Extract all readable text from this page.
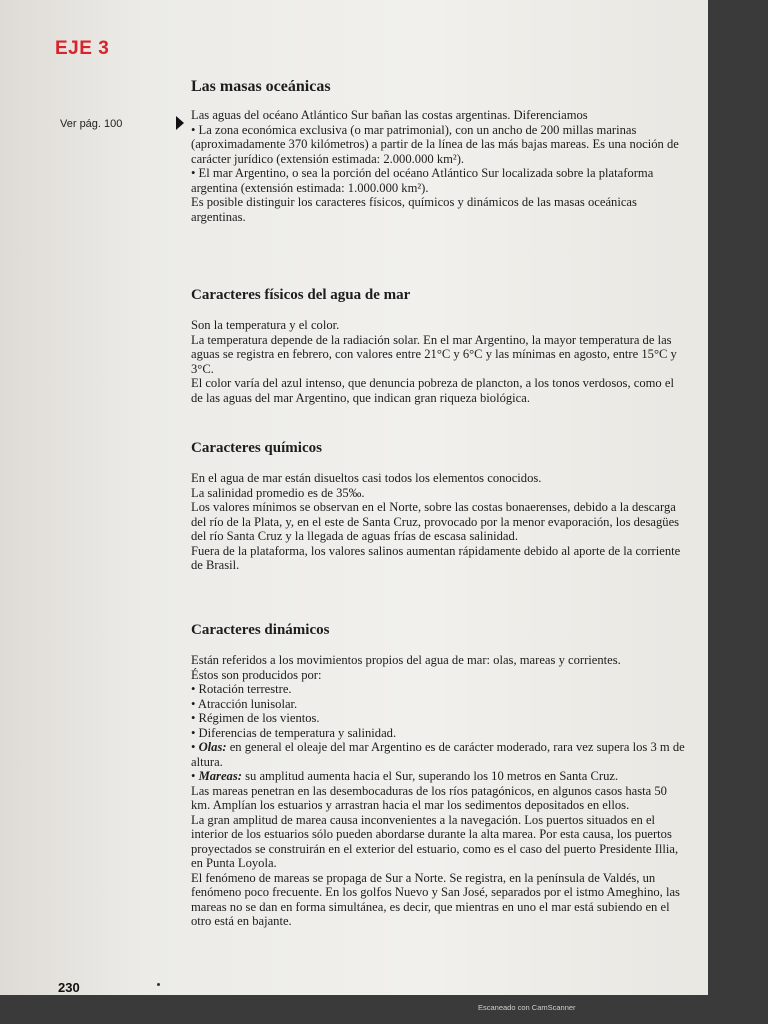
EJE 3
Ver pág. 100
Las masas oceánicas

Las aguas del océano Atlántico Sur bañan las costas argentinas. Diferenciamos

• La zona económica exclusiva (o mar patrimonial), con un ancho de 200 millas marinas (aproximadamente 370 kilómetros) a partir de la línea de las más bajas mareas. Es una noción de carácter jurídico (extensión estimada: 2.000.000 km²).

• El mar Argentino, o sea la porción del océano Atlántico Sur localizada sobre la plataforma argentina (extensión estimada: 1.000.000 km²).

Es posible distinguir los caracteres físicos, químicos y dinámicos de las masas oceánicas argentinas.

Caracteres físicos del agua de mar

Son la temperatura y el color.

La temperatura depende de la radiación solar. En el mar Argentino, la mayor temperatura de las aguas se registra en febrero, con valores entre 21°C y 6°C y las mínimas en agosto, entre 15°C y 3°C.

El color varía del azul intenso, que denuncia pobreza de plancton, a los tonos verdosos, como el de las aguas del mar Argentino, que indican gran riqueza biológica.

Caracteres químicos

En el agua de mar están disueltos casi todos los elementos conocidos.

La salinidad promedio es de 35‰.

Los valores mínimos se observan en el Norte, sobre las costas bonaerenses, debido a la descarga del río de la Plata, y, en el este de Santa Cruz, provocado por la menor evaporación, los desagües del río Santa Cruz y la llegada de aguas frías de escasa salinidad.

Fuera de la plataforma, los valores salinos aumentan rápidamente debido al aporte de la corriente de Brasil.

Caracteres dinámicos

Están referidos a los movimientos propios del agua de mar: olas, mareas y corrientes.

Éstos son producidos por:

• Rotación terrestre.

• Atracción lunisolar.

• Régimen de los vientos.

• Diferencias de temperatura y salinidad.

• Olas: en general el oleaje del mar Argentino es de carácter moderado, rara vez supera los 3 m de altura.

• Mareas: su amplitud aumenta hacia el Sur, superando los 10 metros en Santa Cruz.

Las mareas penetran en las desembocaduras de los ríos patagónicos, en algunos casos hasta 50 km. Amplían los estuarios y arrastran hacia el mar los sedimentos depositados en ellos.

La gran amplitud de marea causa inconvenientes a la navegación. Los puertos situados en el interior de los estuarios sólo pueden abordarse durante la alta marea. Por esta causa, los puertos proyectados se construirán en el exterior del estuario, como es el caso del puerto Presidente Illia, en Punta Loyola.

El fenómeno de mareas se propaga de Sur a Norte. Se registra, en la península de Valdés, un fenómeno poco frecuente. En los golfos Nuevo y San José, separados por el istmo Ameghino, las mareas no se dan en forma simultánea, es decir, que mientras en uno el mar está subiendo en el otro está en bajante.

230
Escaneado con CamScanner
